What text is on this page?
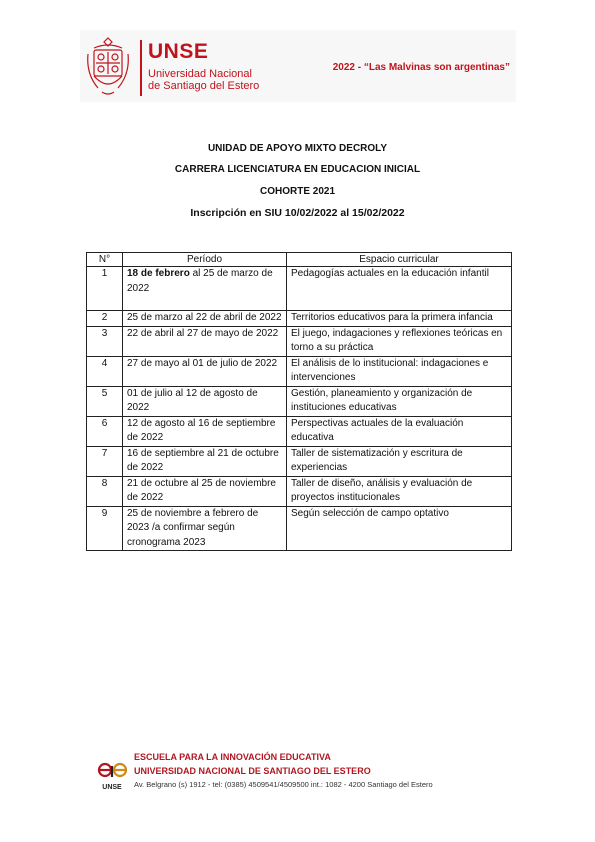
UNSE
Universidad Nacional
de Santiago del Estero
2022 - “Las Malvinas son argentinas”
UNIDAD DE APOYO MIXTO DECROLY
CARRERA LICENCIATURA EN EDUCACION INICIAL
COHORTE 2021
Inscripción en SIU 10/02/2022 al 15/02/2022
N°	Período	Espacio curricular
1	18 de febrero al 25 de marzo de 2022	Pedagogías actuales en la educación infantil
2	25 de marzo al 22 de abril de 2022	Territorios educativos para la primera infancia
3	22 de abril al 27 de mayo de 2022	El juego, indagaciones y reflexiones teóricas en torno a su práctica
4	27 de mayo al 01 de julio de 2022	El análisis de lo institucional: indagaciones e intervenciones
5	01 de julio al 12 de agosto de 2022	Gestión, planeamiento y organización de instituciones educativas
6	12 de agosto al 16 de septiembre de 2022	Perspectivas actuales de la evaluación educativa
7	16 de septiembre al 21 de octubre de 2022	Taller de sistematización y escritura de experiencias
8	21 de octubre al 25 de noviembre de 2022	Taller de diseño, análisis y evaluación de proyectos institucionales
9	25 de noviembre a febrero de 2023 /a confirmar según cronograma 2023	Según selección de campo optativo
UNSE
ESCUELA PARA LA INNOVACIÓN EDUCATIVA
UNIVERSIDAD NACIONAL DE SANTIAGO DEL ESTERO
Av. Belgrano (s) 1912 - tel: (0385) 4509541/4509500 int.: 1082 - 4200 Santiago del Estero
